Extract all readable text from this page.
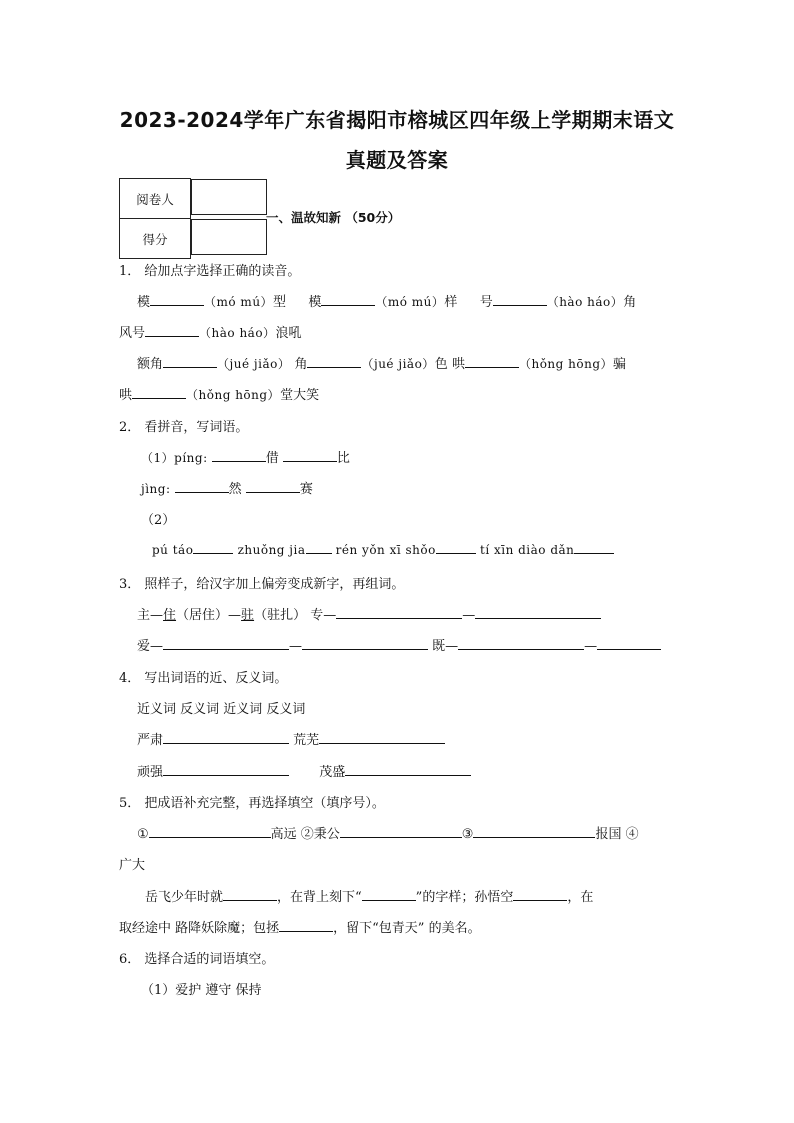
2023-2024学年广东省揭阳市榕城区四年级上学期期末语文
真题及答案
阅卷人	
得分	
一、温故知新 （50分）
1． 给加点字选择正确的读音。
模	（mó mú）型 模	（mó mú）样 号	（hào háo）角
风号	（hào háo）浪吼
额角	（jué jiǎo） 角	（jué jiǎo）色 哄	（hǒng hōng）骗
哄	（hǒng hōng）堂大笑
2． 看拼音，写词语。
（1）píng:	借	比
jìng:	然	赛
（2）
pú táo	zhuǒng jia	rén yǒn xī shǒo	tí xīn diào dǎn
3． 照样子，给汉字加上偏旁变成新字，再组词。
主—住（居住）—驻（驻扎） 专—	—
爱—	—	既—	—
4． 写出词语的近、反义词。
近义词 反义词 近义词 反义词
严肃	荒芜
顽强	茂盛
5． 把成语补充完整，再选择填空（填序号）。
①	高远 ②秉公	③	报国 ④
广大
岳飞少年时就	，在背上刻下“	”的字样；孙悟空	，在
取经途中 路降妖除魔；包拯	，留下“包青天” 的美名。
6． 选择合适的词语填空。
（1）爱护 遵守 保持
